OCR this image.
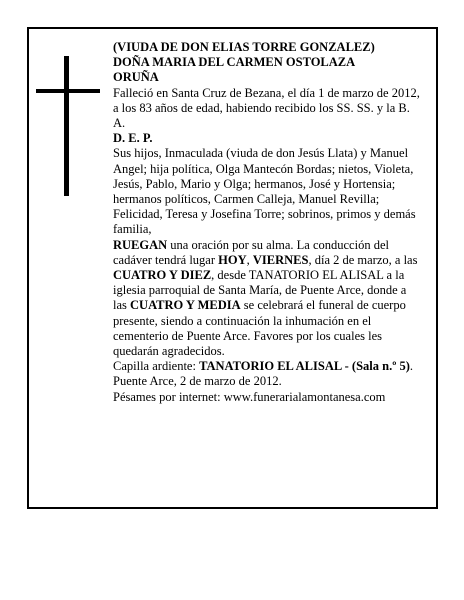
(VIUDA DE DON ELIAS TORRE GONZALEZ)

DOÑA MARIA DEL CARMEN OSTOLAZA

ORUÑA

Falleció en Santa Cruz de Bezana, el día 1 de marzo de 2012, a los 83 años de edad, habiendo recibido los SS. SS. y la B. A.

D. E. P.

Sus hijos, Inmaculada (viuda de don Jesús Llata) y Manuel Angel; hija política, Olga Mantecón Bordas; nietos, Violeta, Jesús, Pablo, Mario y Olga; hermanos, José y Hortensia; hermanos políticos, Carmen Calleja, Manuel Revilla; Felicidad, Teresa y Josefina Torre; sobrinos, primos y demás familia,

RUEGAN una oración por su alma. La conducción del cadáver tendrá lugar HOY, VIERNES, día 2 de marzo, a las CUATRO Y DIEZ, desde TANATORIO EL ALISAL a la iglesia parroquial de Santa María, de Puente Arce, donde a las CUATRO Y MEDIA se celebrará el funeral de cuerpo presente, siendo a continuación la inhumación en el cementerio de Puente Arce. Favores por los cuales les quedarán agradecidos.

Capilla ardiente: TANATORIO EL ALISAL - (Sala n.º 5).

Puente Arce, 2 de marzo de 2012.

Pésames por internet: www.funerarialamontanesa.com
